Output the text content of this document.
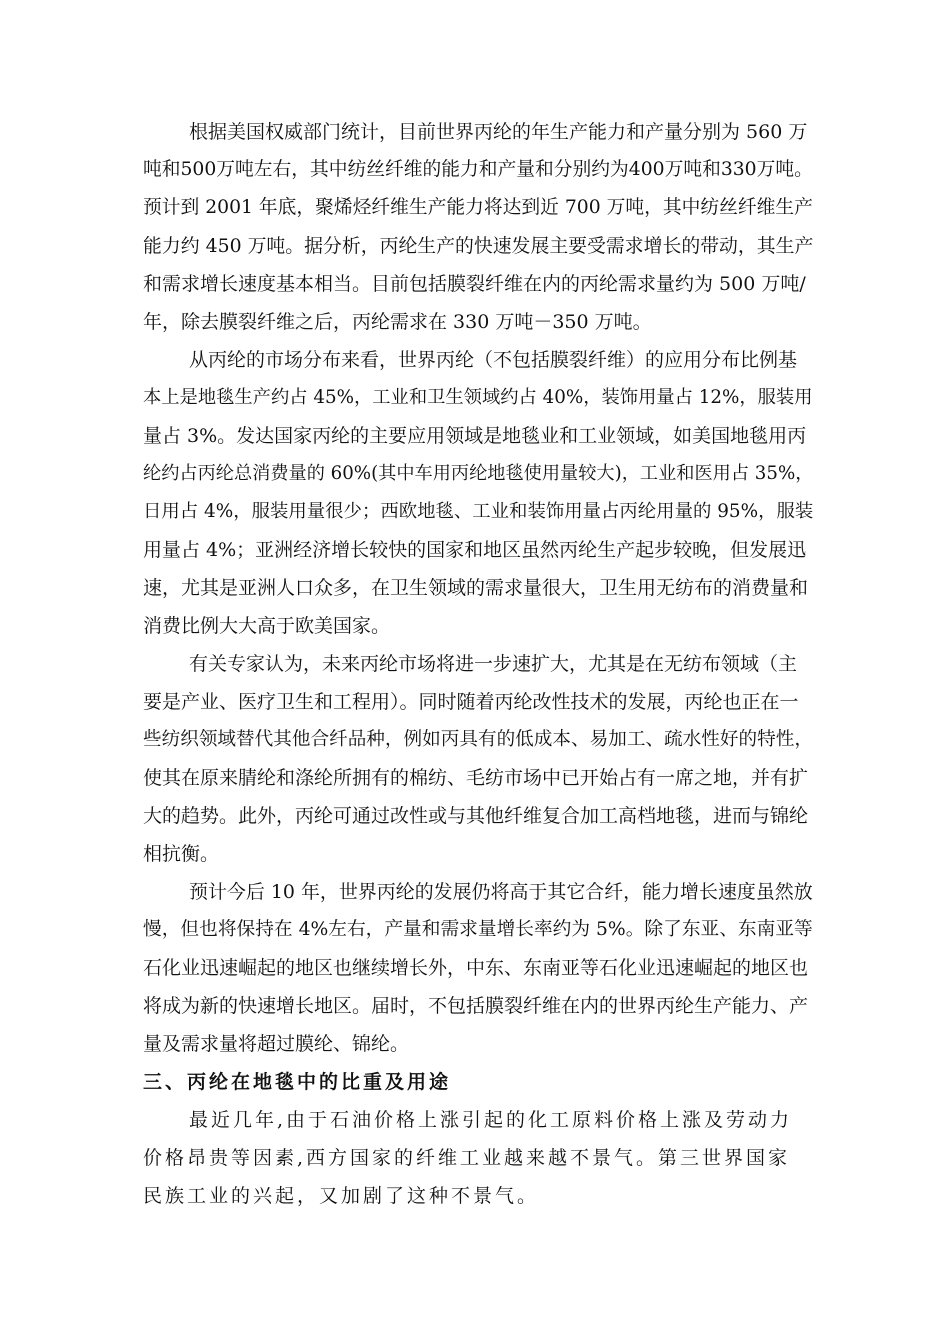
根据美国权威部门统计，目前世界丙纶的年生产能力和产量分别为 560 万
吨和500万吨左右，其中纺丝纤维的能力和产量和分别约为400万吨和330万吨。
预计到 2001 年底，聚烯烃纤维生产能力将达到近 700 万吨，其中纺丝纤维生产
能力约 450 万吨。据分析，丙纶生产的快速发展主要受需求增长的带动，其生产
和需求增长速度基本相当。目前包括膜裂纤维在内的丙纶需求量约为 500 万吨/
年，除去膜裂纤维之后，丙纶需求在 330 万吨－350 万吨。

从丙纶的市场分布来看，世界丙纶（不包括膜裂纤维）的应用分布比例基
本上是地毯生产约占 45%，工业和卫生领域约占 40%，装饰用量占 12%，服装用
量占 3%。发达国家丙纶的主要应用领域是地毯业和工业领域，如美国地毯用丙
纶约占丙纶总消费量的 60%(其中车用丙纶地毯使用量较大)，工业和医用占 35%，
日用占 4%，服装用量很少；西欧地毯、工业和装饰用量占丙纶用量的 95%，服装
用量占 4%；亚洲经济增长较快的国家和地区虽然丙纶生产起步较晚，但发展迅
速，尤其是亚洲人口众多，在卫生领域的需求量很大，卫生用无纺布的消费量和
消费比例大大高于欧美国家。

有关专家认为，未来丙纶市场将进一步速扩大，尤其是在无纺布领域（主
要是产业、医疗卫生和工程用）。同时随着丙纶改性技术的发展，丙纶也正在一
些纺织领域替代其他合纤品种，例如丙具有的低成本、易加工、疏水性好的特性，
使其在原来腈纶和涤纶所拥有的棉纺、毛纺市场中已开始占有一席之地，并有扩
大的趋势。此外，丙纶可通过改性或与其他纤维复合加工高档地毯，进而与锦纶
相抗衡。

预计今后 10 年，世界丙纶的发展仍将高于其它合纤，能力增长速度虽然放
慢，但也将保持在 4%左右，产量和需求量增长率约为 5%。除了东亚、东南亚等
石化业迅速崛起的地区也继续增长外，中东、东南亚等石化业迅速崛起的地区也
将成为新的快速增长地区。届时，不包括膜裂纤维在内的世界丙纶生产能力、产
量及需求量将超过膜纶、锦纶。

三、丙纶在地毯中的比重及用途

最近几年,由于石油价格上涨引起的化工原料价格上涨及劳动力
价格昂贵等因素,西方国家的纤维工业越来越不景气。第三世界国家
民族工业的兴起，又加剧了这种不景气。
